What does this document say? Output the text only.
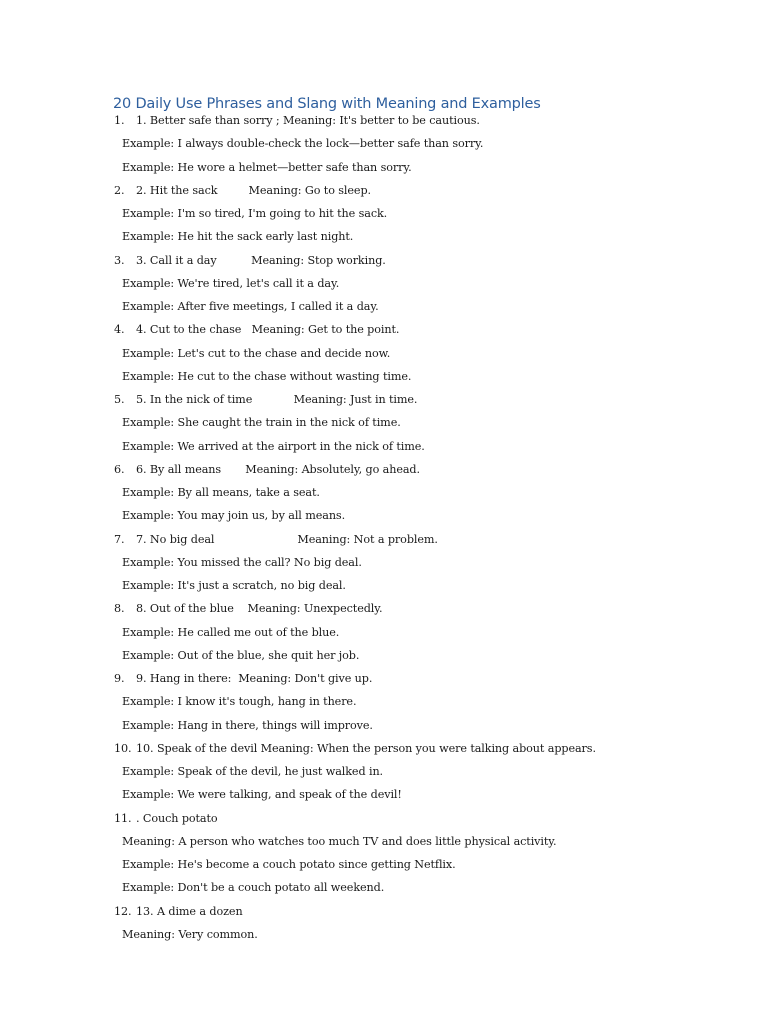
20 Daily Use Phrases and Slang with Meaning and Examples
1. 1. Better safe than sorry ; Meaning: It's better to be cautious.
Example: I always double-check the lock—better safe than sorry.
Example: He wore a helmet—better safe than sorry.
2. 2. Hit the sack         Meaning: Go to sleep.
Example: I'm so tired, I'm going to hit the sack.
Example: He hit the sack early last night.
3. 3. Call it a day          Meaning: Stop working.
Example: We're tired, let's call it a day.
Example: After five meetings, I called it a day.
4. 4. Cut to the chase   Meaning: Get to the point.
Example: Let's cut to the chase and decide now.
Example: He cut to the chase without wasting time.
5. 5. In the nick of time            Meaning: Just in time.
Example: She caught the train in the nick of time.
Example: We arrived at the airport in the nick of time.
6. 6. By all means       Meaning: Absolutely, go ahead.
Example: By all means, take a seat.
Example: You may join us, by all means.
7. 7. No big deal                        Meaning: Not a problem.
Example: You missed the call? No big deal.
Example: It's just a scratch, no big deal.
8. 8. Out of the blue    Meaning: Unexpectedly.
Example: He called me out of the blue.
Example: Out of the blue, she quit her job.
9. 9. Hang in there:  Meaning: Don't give up.
Example: I know it's tough, hang in there.
Example: Hang in there, things will improve.
10. 10. Speak of the devil Meaning: When the person you were talking about appears.
Example: Speak of the devil, he just walked in.
Example: We were talking, and speak of the devil!
11. . Couch potato
Meaning: A person who watches too much TV and does little physical activity.
Example: He's become a couch potato since getting Netflix.
Example: Don't be a couch potato all weekend.
12. 13. A dime a dozen
Meaning: Very common.
